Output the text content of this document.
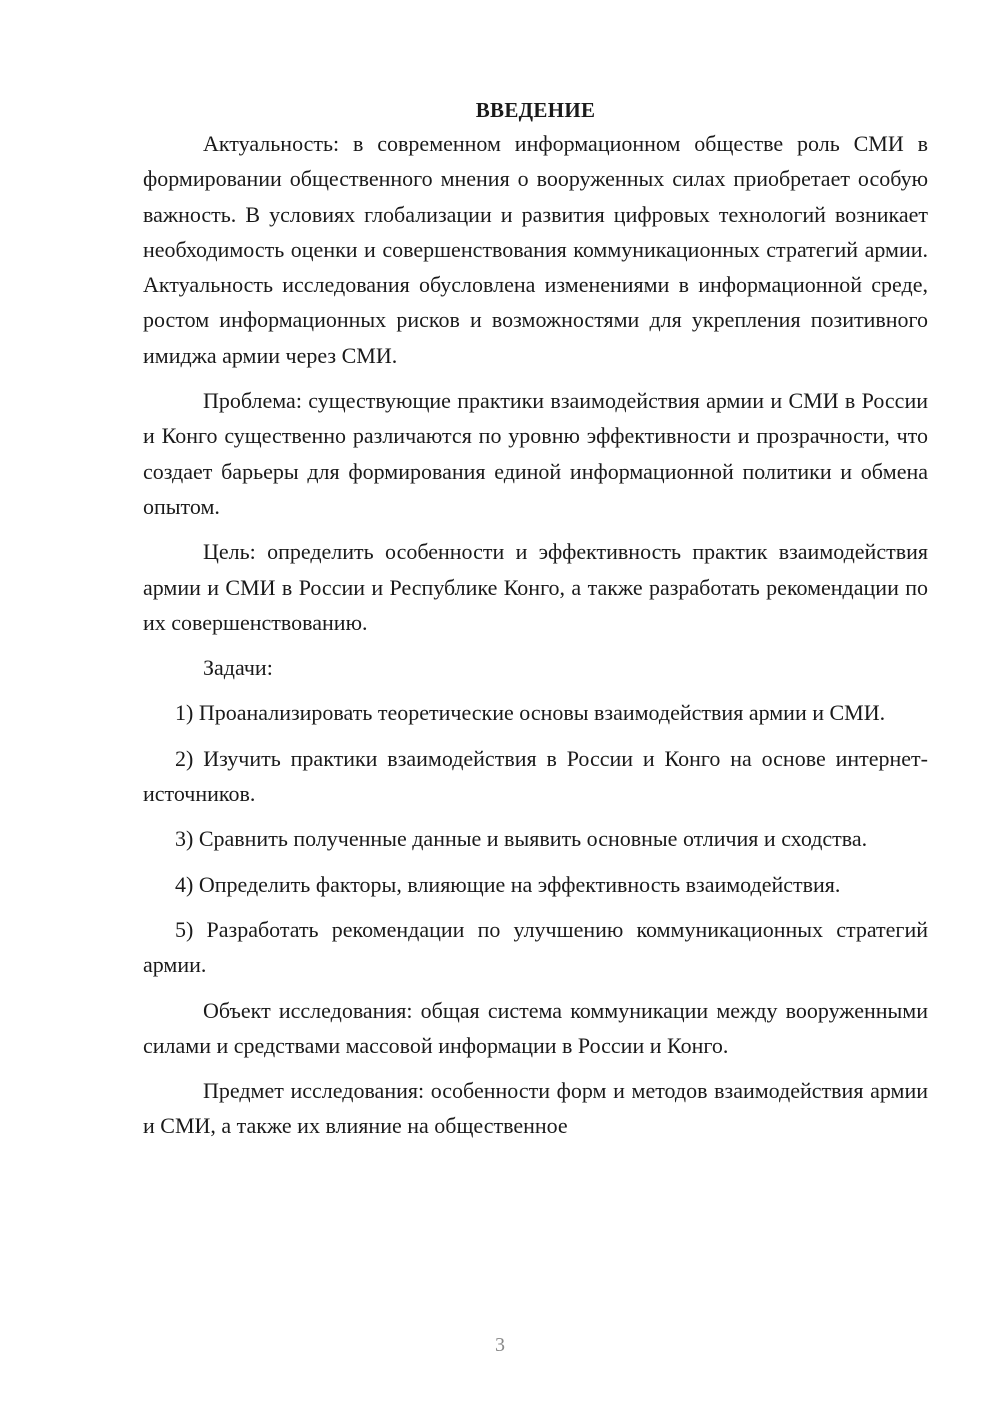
ВВЕДЕНИЕ

Актуальность: в современном информационном обществе роль СМИ в формировании общественного мнения о вооруженных силах приобретает особую важность. В условиях глобализации и развития цифровых технологий возникает необходимость оценки и совершенствования коммуникационных стратегий армии. Актуальность исследования обусловлена изменениями в информационной среде, ростом информационных рисков и возможностями для укрепления позитивного имиджа армии через СМИ.

Проблема: существующие практики взаимодействия армии и СМИ в России и Конго существенно различаются по уровню эффективности и прозрачности, что создает барьеры для формирования единой информационной политики и обмена опытом.

Цель: определить особенности и эффективность практик взаимодействия армии и СМИ в России и Республике Конго, а также разработать рекомендации по их совершенствованию.

Задачи:

1) Проанализировать теоретические основы взаимодействия армии и СМИ.

2) Изучить практики взаимодействия в России и Конго на основе интернет-источников.

3) Сравнить полученные данные и выявить основные отличия и сходства.

4) Определить факторы, влияющие на эффективность взаимодействия.

5) Разработать рекомендации по улучшению коммуникационных стратегий армии.

Объект исследования: общая система коммуникации между вооруженными силами и средствами массовой информации в России и Конго.

Предмет исследования: особенности форм и методов взаимодействия армии и СМИ, а также их влияние на общественное

3
